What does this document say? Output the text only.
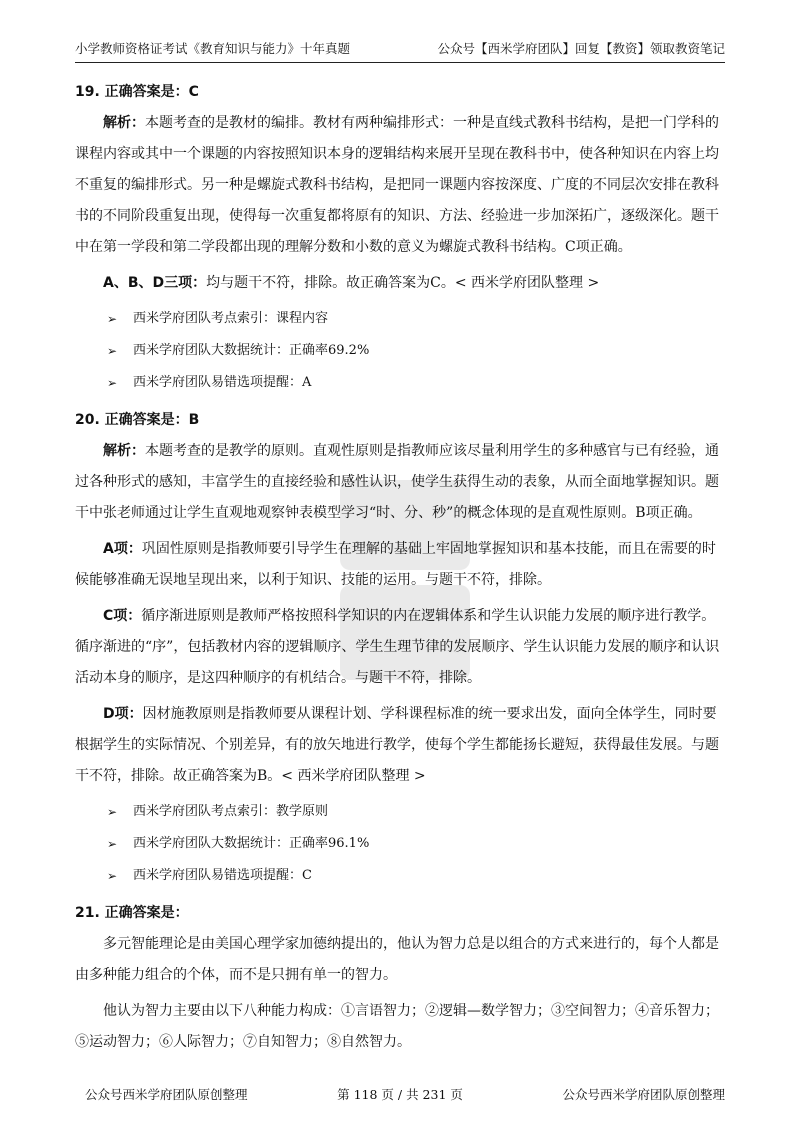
小学教师资格证考试《教育知识与能力》十年真题	公众号【西米学府团队】回复【教资】领取教资笔记
19. 正确答案是：C

解析：本题考查的是教材的编排。教材有两种编排形式：一种是直线式教科书结构，是把一门学科的课程内容或其中一个课题的内容按照知识本身的逻辑结构来展开呈现在教科书中，使各种知识在内容上均不重复的编排形式。另一种是螺旋式教科书结构，是把同一课题内容按深度、广度的不同层次安排在教科书的不同阶段重复出现，使得每一次重复都将原有的知识、方法、经验进一步加深拓广，逐级深化。题干中在第一学段和第二学段都出现的理解分数和小数的意义为螺旋式教科书结构。C项正确。

A、B、D三项：均与题干不符，排除。故正确答案为C。< 西米学府团队整理 >

➢ 西米学府团队考点索引：课程内容
➢ 西米学府团队大数据统计：正确率69.2%
➢ 西米学府团队易错选项提醒：A
20. 正确答案是：B

解析：本题考查的是教学的原则。直观性原则是指教师应该尽量利用学生的多种感官与已有经验，通过各种形式的感知，丰富学生的直接经验和感性认识，使学生获得生动的表象，从而全面地掌握知识。题干中张老师通过让学生直观地观察钟表模型学习“时、分、秒”的概念体现的是直观性原则。B项正确。

A项：巩固性原则是指教师要引导学生在理解的基础上牢固地掌握知识和基本技能，而且在需要的时候能够准确无误地呈现出来，以利于知识、技能的运用。与题干不符，排除。

C项：循序渐进原则是教师严格按照科学知识的内在逻辑体系和学生认识能力发展的顺序进行教学。循序渐进的“序”，包括教材内容的逻辑顺序、学生生理节律的发展顺序、学生认识能力发展的顺序和认识活动本身的顺序，是这四种顺序的有机结合。与题干不符，排除。

D项：因材施教原则是指教师要从课程计划、学科课程标准的统一要求出发，面向全体学生，同时要根据学生的实际情况、个别差异，有的放矢地进行教学，使每个学生都能扬长避短，获得最佳发展。与题干不符，排除。故正确答案为B。< 西米学府团队整理 >

➢ 西米学府团队考点索引：教学原则
➢ 西米学府团队大数据统计：正确率96.1%
➢ 西米学府团队易错选项提醒：C
21. 正确答案是：

多元智能理论是由美国心理学家加德纳提出的，他认为智力总是以组合的方式来进行的，每个人都是由多种能力组合的个体，而不是只拥有单一的智力。

他认为智力主要由以下八种能力构成：①言语智力；②逻辑—数学智力；③空间智力；④音乐智力；⑤运动智力；⑥人际智力；⑦自知智力；⑧自然智力。

公众号西米学府团队原创整理	第 118 页 / 共 231 页	公众号西米学府团队原创整理
